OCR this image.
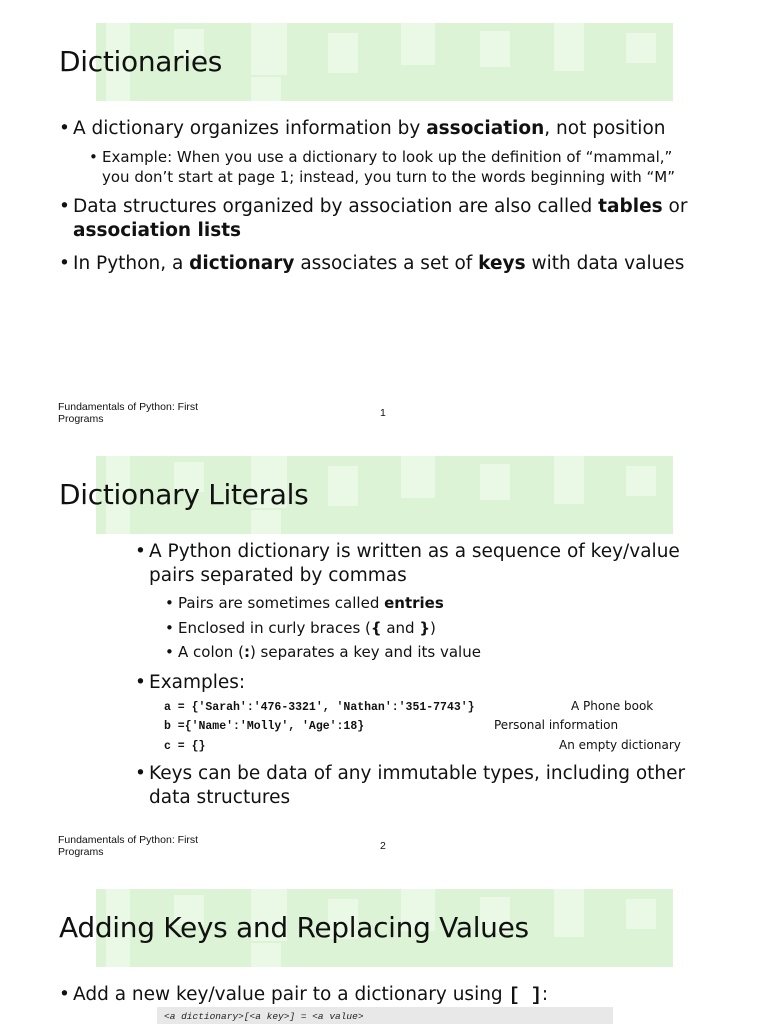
Dictionaries
• A dictionary organizes information by association, not position
• Example: When you use a dictionary to look up the definition of “mammal,”
you don’t start at page 1; instead, you turn to the words beginning with “M”
• Data structures organized by association are also called tables or
association lists
• In Python, a dictionary associates a set of keys with data values
Fundamentals of Python: First Programs	1
Dictionary Literals
• A Python dictionary is written as a sequence of key/value
pairs separated by commas
• Pairs are sometimes called entries
• Enclosed in curly braces ({ and })
• A colon (:) separates a key and its value
• Examples:
a = {'Sarah':'476-3321', 'Nathan':'351-7743'}	A Phone book
b ={'Name':'Molly', 'Age':18}	Personal information
c = {}	An empty dictionary
• Keys can be data of any immutable types, including other
data structures
Fundamentals of Python: First Programs	2
Adding Keys and Replacing Values
• Add a new key/value pair to a dictionary using [ ]:
<a dictionary>[<a key>] = <a value>
